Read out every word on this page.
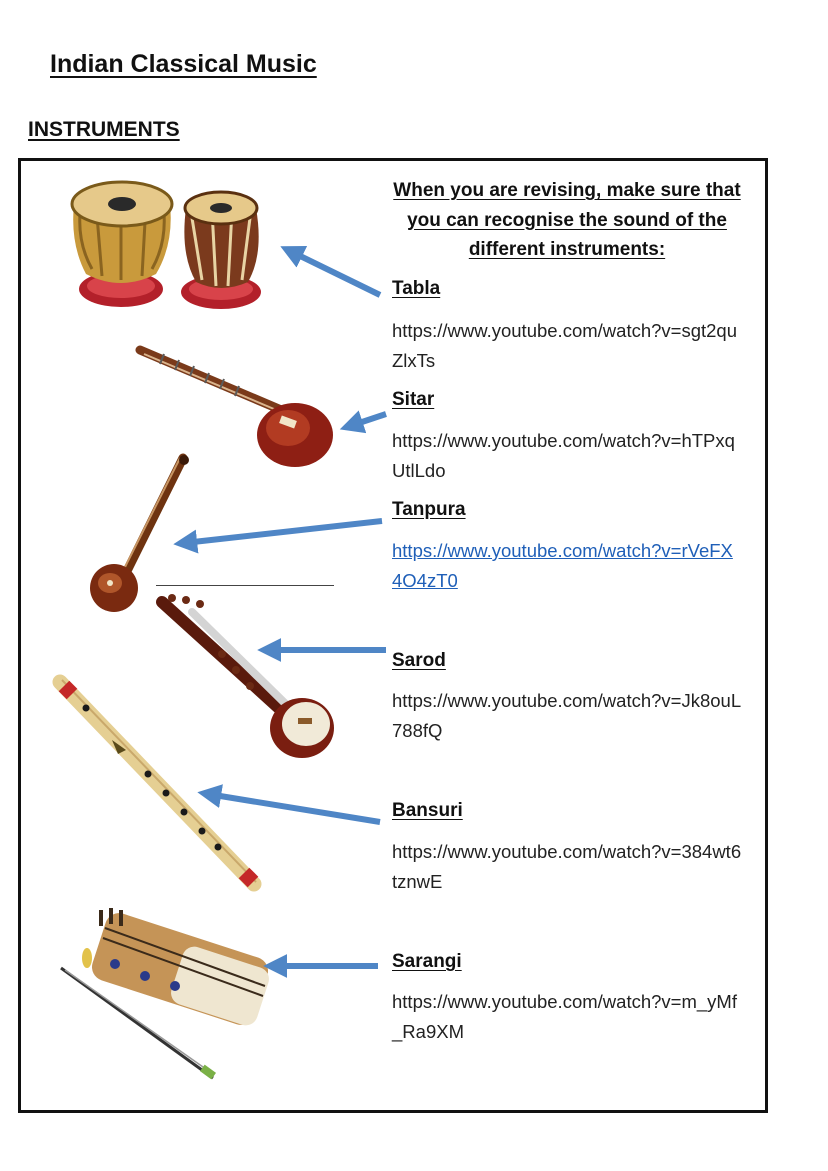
Indian Classical Music
INSTRUMENTS

When you are revising, make sure that you can recognise the sound of the different instruments:

Tabla

https://www.youtube.com/watch?v=sgt2quZlxTs

Sitar

https://www.youtube.com/watch?v=hTPxqUtlLdo

Tanpura

https://www.youtube.com/watch?v=rVeFX4O4zT0

Sarod

https://www.youtube.com/watch?v=Jk8ouL788fQ

Bansuri

https://www.youtube.com/watch?v=384wt6tznwE

Sarangi

https://www.youtube.com/watch?v=m_yMf_Ra9XM
